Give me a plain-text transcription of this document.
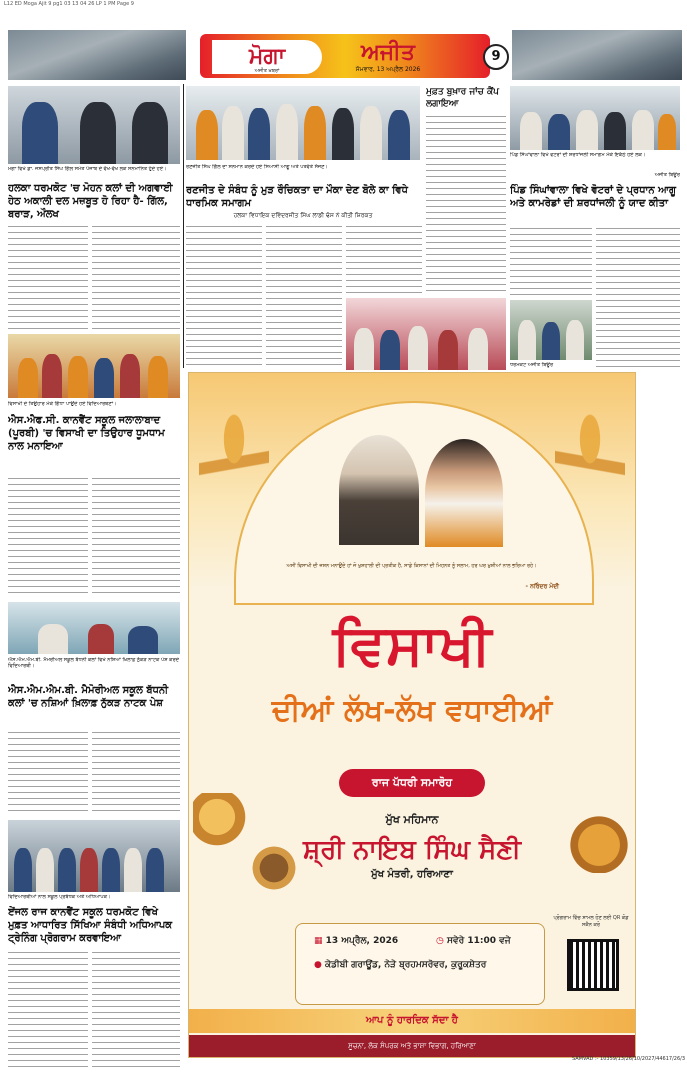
L12 ED Moga Ajit 9 pg1 03 13 04 26 LP 1 PM Page 9
ਮੋਗਾ
ਅਜੀਤ ਖ਼ਬਰਾਂ
ਅਜੀਤ
ਸੋਮਵਾਰ, 13 ਅਪ੍ਰੈਲ 2026
9
ਮੋਗਾ ਵਿਖੇ ਡਾ. ਜਸਪ੍ਰੀਤ ਸਿੰਘ ਗਿੱਲ ਸਮੇਤ ਪੰਜਾਬ ਦੇ ਵੱਖ-ਵੱਖ ਲੋਕ ਸਨਮਾਨਿਤ ਹੁੰਦੇ ਹੋਏ।
ਹਲਕਾ ਧਰਮਕੋਟ 'ਚ ਮੋਹਨ ਕਲਾਂ ਦੀ ਅਗਵਾਈ ਹੇਠ ਅਕਾਲੀ ਦਲ ਮਜ਼ਬੂਤ ਹੋ ਰਿਹਾ ਹੈ- ਗਿੱਲ, ਬਰਾੜ, ਔਲਖ
ਵਿਸਾਖੀ ਦੇ ਤਿਉਹਾਰ ਮੌਕੇ ਗਿੱਧਾ ਪਾਉਂਦੇ ਹੋਏ ਵਿਦਿਆਰਥਣਾਂ।
ਐਸ.ਐਫ.ਸੀ. ਕਾਨਵੈਂਟ ਸਕੂਲ ਜਲਾਲਾਬਾਦ (ਪੂਰਬੀ) 'ਚ ਵਿਸਾਖੀ ਦਾ ਤਿਉਹਾਰ ਧੂਮਧਾਮ ਨਾਲ ਮਨਾਇਆ
ਐਸ.ਐਮ.ਐਮ.ਬੀ. ਮੈਮੋਰੀਅਲ ਸਕੂਲ ਬੱਧਨੀ ਕਲਾਂ ਵਿਖੇ ਨਸ਼ਿਆਂ ਖ਼ਿਲਾਫ਼ ਨੁੱਕੜ ਨਾਟਕ ਪੇਸ਼ ਕਰਦੇ ਵਿਦਿਆਰਥੀ।
ਐਸ.ਐਮ.ਐਮ.ਬੀ. ਮੈਮੋਰੀਅਲ ਸਕੂਲ ਬੱਧਨੀ ਕਲਾਂ 'ਚ ਨਸ਼ਿਆਂ ਖ਼ਿਲਾਫ਼ ਨੁੱਕੜ ਨਾਟਕ ਪੇਸ਼
ਵਿਦਿਆਰਥੀਆਂ ਨਾਲ ਸਕੂਲ ਪ੍ਰਬੰਧਕ ਅਤੇ ਅਧਿਆਪਕ।
ਏਂਜਲ ਰਾਜ ਕਾਨਵੈਂਟ ਸਕੂਲ ਧਰਮਕੋਟ ਵਿਖੇ ਮੁਫ਼ਤ ਆਧਾਰਿਤ ਸਿੱਖਿਆ ਸੰਬੰਧੀ ਅਧਿਆਪਕ ਟ੍ਰੇਨਿੰਗ ਪ੍ਰੋਗਰਾਮ ਕਰਵਾਇਆ
ਰਣਜੀਤ ਸਿੰਘ ਗਿੱਲ ਦਾ ਸਨਮਾਨ ਕਰਦੇ ਹੋਏ ਸਿਆਸੀ ਆਗੂ ਅਤੇ ਪਤਵੰਤੇ ਸੱਜਣ।
ਰਣਜੀਤ ਦੇ ਸੰਬੰਧ ਨੂੰ ਮੁੜ ਰੌਚਿਕਤਾ ਦਾ ਮੌਕਾ ਦੇਣ ਬੋਲੇ ਕਾ ਵਿਧੇ ਧਾਰਮਿਕ ਸਮਾਗਮ
ਹਲਕਾ ਵਿਧਾਇਕ ਦਵਿੰਦਰਜੀਤ ਸਿੰਘ ਲਾਡੀ ਢੋਸ ਨੇ ਕੀਤੀ ਸ਼ਿਰਕਤ
ਮੁਫ਼ਤ ਬੁਖ਼ਾਰ ਜਾਂਚ ਕੈਂਪ ਲਗਾਇਆ
ਪਿੰਡ ਸਿੰਘਾਂਵਾਲਾ ਵਿਖੇ ਵੋਟਰਾਂ ਦੀ ਸ਼ਰਧਾਂਜਲੀ ਸਮਾਗਮ ਮੌਕੇ ਇਕੱਠੇ ਹੋਏ ਲੋਕ।
ਅਜੀਤ ਬਿਊਰੋ
ਪਿੰਡ ਸਿੰਘਾਂਵਾਲਾ ਵਿਖੇ ਵੋਟਰਾਂ ਦੇ ਪ੍ਰਧਾਨ ਆਗੂ ਅਤੇ ਕਾਮਰੇਡਾਂ ਦੀ ਸ਼ਰਧਾਂਜਲੀ ਨੂੰ ਯਾਦ ਕੀਤਾ
ਧਰਮਕੋਟ ਅਜੀਤ ਬਿਊਰੋ
ਅਸੀਂ ਵਿਸਾਖੀ ਦੀ ਜਸ਼ਨ ਮਨਾਉਂਦੇ ਹਾਂ ਜੋ ਖੁਸ਼ਹਾਲੀ ਦੀ ਪ੍ਰਤੀਕ ਹੈ, ਸਾਡੇ ਕਿਸਾਨਾਂ ਦੀ ਮਿਹਨਤ ਨੂੰ ਸਲਾਮ, ਹਰ ਘਰ ਖ਼ੁਸ਼ੀਆਂ ਨਾਲ ਭਰਿਆ ਰਹੇ।
- ਨਰਿੰਦਰ ਮੋਦੀ
ਵਿਸਾਖੀ
ਦੀਆਂ ਲੱਖ-ਲੱਖ ਵਧਾਈਆਂ
ਰਾਜ ਪੱਧਰੀ ਸਮਾਰੋਹ
ਮੁੱਖ ਮਹਿਮਾਨ
ਸ਼੍ਰੀ ਨਾਇਬ ਸਿੰਘ ਸੈਣੀ
ਮੁੱਖ ਮੰਤਰੀ, ਹਰਿਆਣਾ
▦ 13 ਅਪ੍ਰੈਲ, 2026	◷ ਸਵੇਰੇ 11:00 ਵਜੇ
● ਕੇਡੀਬੀ ਗਰਾਊਂਡ, ਨੇੜੇ ਬ੍ਰਹਮਸਰੋਵਰ, ਕੁਰੂਕਸ਼ੇਤਰ
ਪ੍ਰੋਗਰਾਮ ਵਿੱਚ ਸ਼ਾਮਲ ਹੋਣ ਲਈ QR ਕੋਡ ਸਕੈਨ ਕਰੋ
ਆਪ ਨੂੰ ਹਾਰਦਿਕ ਸੱਦਾ ਹੈ
ਸੂਚਨਾ, ਲੋਕ ਸੰਪਰਕ ਅਤੇ ਭਾਸ਼ਾ ਵਿਭਾਗ, ਹਰਿਆਣਾ
SAMVAD :- 10359/13/26/10/2027/44617/26/3
